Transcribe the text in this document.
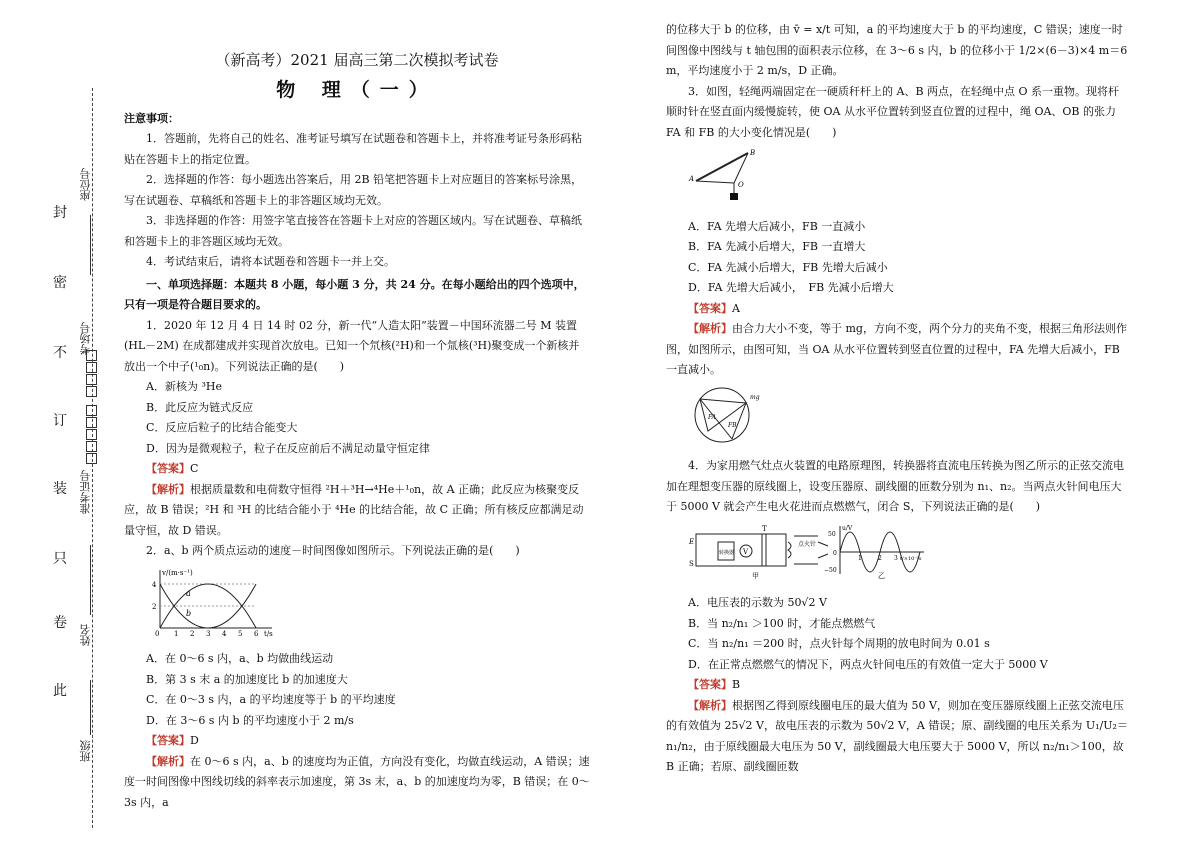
封
密
不
订
装
只
卷
此
座位号
考场号
准考证号
姓名
班级

（新高考）2021 届高三第二次模拟考试卷

物 理（一）

注意事项：

1．答题前，先将自己的姓名、准考证号填写在试题卷和答题卡上，并将准考证号条形码粘贴在答题卡上的指定位置。

2．选择题的作答：每小题选出答案后，用 2B 铅笔把答题卡上对应题目的答案标号涂黑，写在试题卷、草稿纸和答题卡上的非答题区域均无效。

3．非选择题的作答：用签字笔直接答在答题卡上对应的答题区域内。写在试题卷、草稿纸和答题卡上的非答题区域均无效。

4．考试结束后，请将本试题卷和答题卡一并上交。

一、单项选择题：本题共 8 小题，每小题 3 分，共 24 分。在每小题给出的四个选项中，只有一项是符合题目要求的。

1．2020 年 12 月 4 日 14 时 02 分，新一代“人造太阳”装置－中国环流器二号 M 装置(HL－2M) 在成都建成并实现首次放电。已知一个氘核(²H)和一个氚核(³H)聚变成一个新核并放出一个中子(¹₀n)。下列说法正确的是(　　)

A．新核为 ³He

B．此反应为链式反应

C．反应后粒子的比结合能变大

D．因为是微观粒子，粒子在反应前后不满足动量守恒定律

【答案】C

【解析】根据质量数和电荷数守恒得 ²H＋³H→⁴He＋¹₀n，故 A 正确；此反应为核聚变反应，故 B 错误；²H 和 ³H 的比结合能小于 ⁴He 的比结合能，故 C 正确；所有核反应都满足动量守恒，故 D 错误。

2．a、b 两个质点运动的速度－时间图像如图所示。下列说法正确的是(　　)

v/(m·s⁻¹)
t/s
4
2
0 1 2 3 4 5 6
a
b

A．在 0～6 s 内，a、b 均做曲线运动

B．第 3 s 末 a 的加速度比 b 的加速度大

C．在 0～3 s 内，a 的平均速度等于 b 的平均速度

D．在 3～6 s 内 b 的平均速度小于 2 m/s

【答案】D

【解析】在 0～6 s 内，a、b 的速度均为正值，方向没有变化，均做直线运动，A 错误；速度一时间图像中图线切线的斜率表示加速度，第 3s 末，a、b 的加速度均为零，B 错误；在 0～3s 内，a

的位移大于 b 的位移，由 v̄ = x/t 可知，a 的平均速度大于 b 的平均速度，C 错误；速度一时间图像中图线与 t 轴包围的面积表示位移，在 3～6 s 内，b 的位移小于 1/2×(6－3)×4 m＝6 m，平均速度小于 2 m/s，D 正确。

3．如图，轻绳两端固定在一硬质秆杆上的 A、B 两点，在轻绳中点 O 系一重物。现将杆顺时针在竖直面内缓慢旋转，使 OA 从水平位置转到竖直位置的过程中，绳 OA、OB 的张力 FA 和 FB 的大小变化情况是(　　)

A
B
O

A．FA 先增大后减小，FB 一直减小

B．FA 先减小后增大，FB 一直增大

C．FA 先减小后增大，FB 先增大后减小

D．FA 先增大后减小，　FB 先减小后增大

【答案】A

【解析】由合力大小不变，等于 mg，方向不变，两个分力的夹角不变，根据三角形法则作图，如图所示，由图可知，当 OA 从水平位置转到竖直位置的过程中，FA 先增大后减小，FB 一直减小。

mg
FA
FB

4．为家用燃气灶点火装置的电路原理图，转换器将直流电压转换为图乙所示的正弦交流电加在理想变压器的原线圈上，设变压器原、副线圈的匝数分别为 n₁、n₂。当两点火针间电压大于 5000 V 就会产生电火花进而点燃燃气，闭合 S，下列说法正确的是(　　)

E
S
转换器 V
T
点火针
甲
u/V
t/×10⁻²s
50
0
−50
1	2 3
乙

A．电压表的示数为 50√2 V

B．当 n₂/n₁ ＞100 时，才能点燃燃气

C．当 n₂/n₁ ＝200 时，点火针每个周期的放电时间为 0.01 s

D．在正常点燃燃气的情况下，两点火针间电压的有效值一定大于 5000 V

【答案】B

【解析】根据图乙得到原线圈电压的最大值为 50 V，则加在变压器原线圈上正弦交流电压的有效值为 25√2 V，故电压表的示数为 50√2 V，A 错误；原、副线圈的电压关系为 U₁/U₂＝n₁/n₂，由于原线圈最大电压为 50 V，副线圈最大电压要大于 5000 V，所以 n₂/n₁＞100，故 B 正确；若原、副线圈匝数
